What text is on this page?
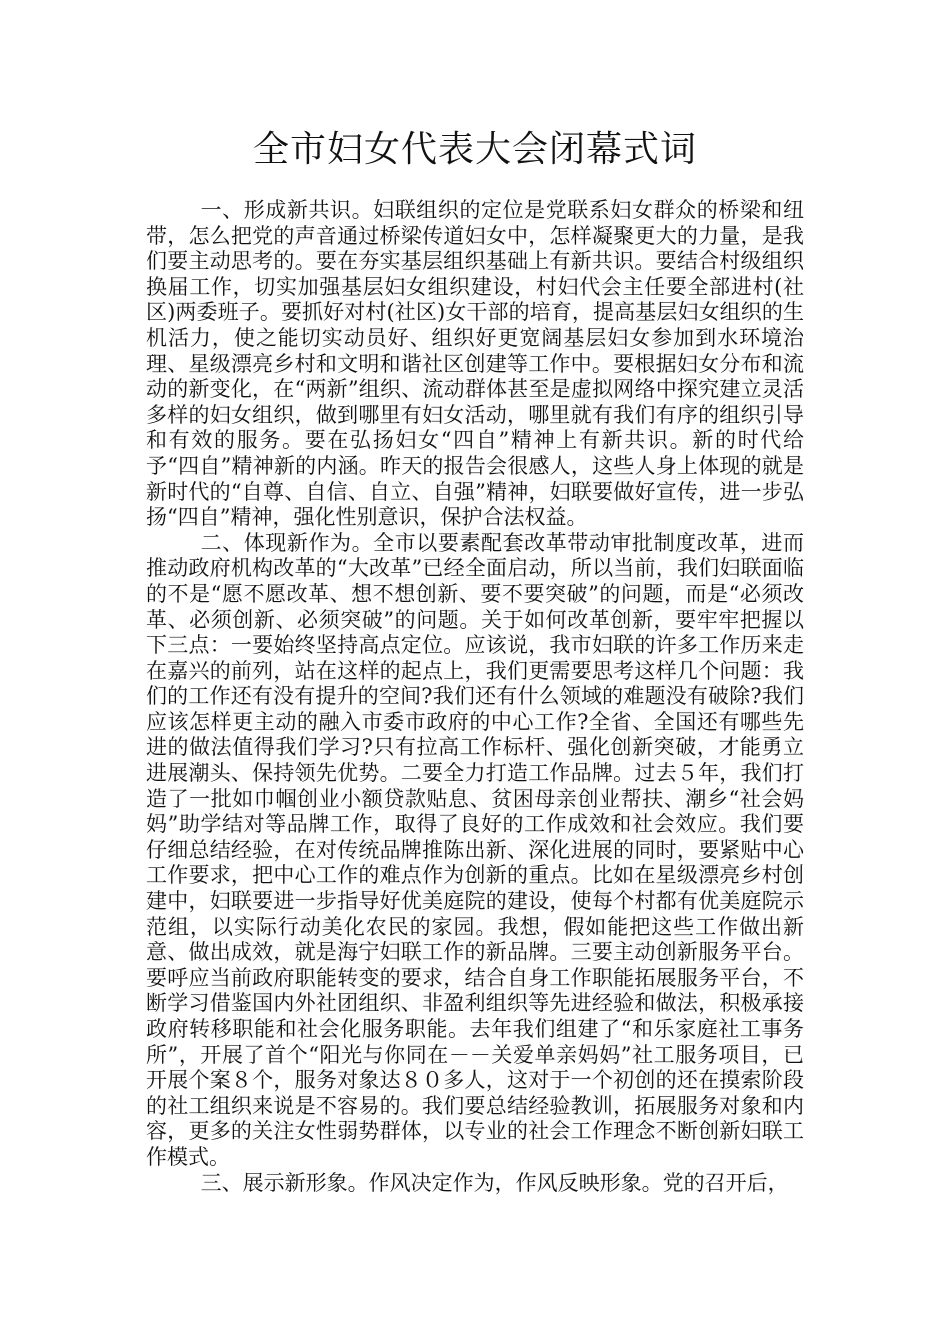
全市妇女代表大会闭幕式词

一、形成新共识。妇联组织的定位是党联系妇女群众的桥梁和纽带，怎么把党的声音通过桥梁传道妇女中，怎样凝聚更大的力量，是我们要主动思考的。要在夯实基层组织基础上有新共识。要结合村级组织换届工作，切实加强基层妇女组织建设，村妇代会主任要全部进村(社区)两委班子。要抓好对村(社区)女干部的培育，提高基层妇女组织的生机活力，使之能切实动员好、组织好更宽阔基层妇女参加到水环境治理、星级漂亮乡村和文明和谐社区创建等工作中。要根据妇女分布和流动的新变化，在“两新”组织、流动群体甚至是虚拟网络中探究建立灵活多样的妇女组织，做到哪里有妇女活动，哪里就有我们有序的组织引导和有效的服务。要在弘扬妇女“四自”精神上有新共识。新的时代给予“四自”精神新的内涵。昨天的报告会很感人，这些人身上体现的就是新时代的“自尊、自信、自立、自强”精神，妇联要做好宣传，进一步弘扬“四自”精神，强化性别意识，保护合法权益。

二、体现新作为。全市以要素配套改革带动审批制度改革，进而推动政府机构改革的“大改革”已经全面启动，所以当前，我们妇联面临的不是“愿不愿改革、想不想创新、要不要突破”的问题，而是“必须改革、必须创新、必须突破”的问题。关于如何改革创新，要牢牢把握以下三点：一要始终坚持高点定位。应该说，我市妇联的许多工作历来走在嘉兴的前列，站在这样的起点上，我们更需要思考这样几个问题：我们的工作还有没有提升的空间?我们还有什么领域的难题没有破除?我们应该怎样更主动的融入市委市政府的中心工作?全省、全国还有哪些先进的做法值得我们学习?只有拉高工作标杆、强化创新突破，才能勇立进展潮头、保持领先优势。二要全力打造工作品牌。过去５年，我们打造了一批如巾帼创业小额贷款贴息、贫困母亲创业帮扶、潮乡“社会妈妈”助学结对等品牌工作，取得了良好的工作成效和社会效应。我们要仔细总结经验，在对传统品牌推陈出新、深化进展的同时，要紧贴中心工作要求，把中心工作的难点作为创新的重点。比如在星级漂亮乡村创建中，妇联要进一步指导好优美庭院的建设，使每个村都有优美庭院示范组，以实际行动美化农民的家园。我想，假如能把这些工作做出新意、做出成效，就是海宁妇联工作的新品牌。三要主动创新服务平台。要呼应当前政府职能转变的要求，结合自身工作职能拓展服务平台，不断学习借鉴国内外社团组织、非盈利组织等先进经验和做法，积极承接政府转移职能和社会化服务职能。去年我们组建了“和乐家庭社工事务所”，开展了首个“阳光与你同在－－关爱单亲妈妈”社工服务项目，已开展个案８个，服务对象达８０多人，这对于一个初创的还在摸索阶段的社工组织来说是不容易的。我们要总结经验教训，拓展服务对象和内容，更多的关注女性弱势群体，以专业的社会工作理念不断创新妇联工作模式。

三、展示新形象。作风决定作为，作风反映形象。党的召开后，
